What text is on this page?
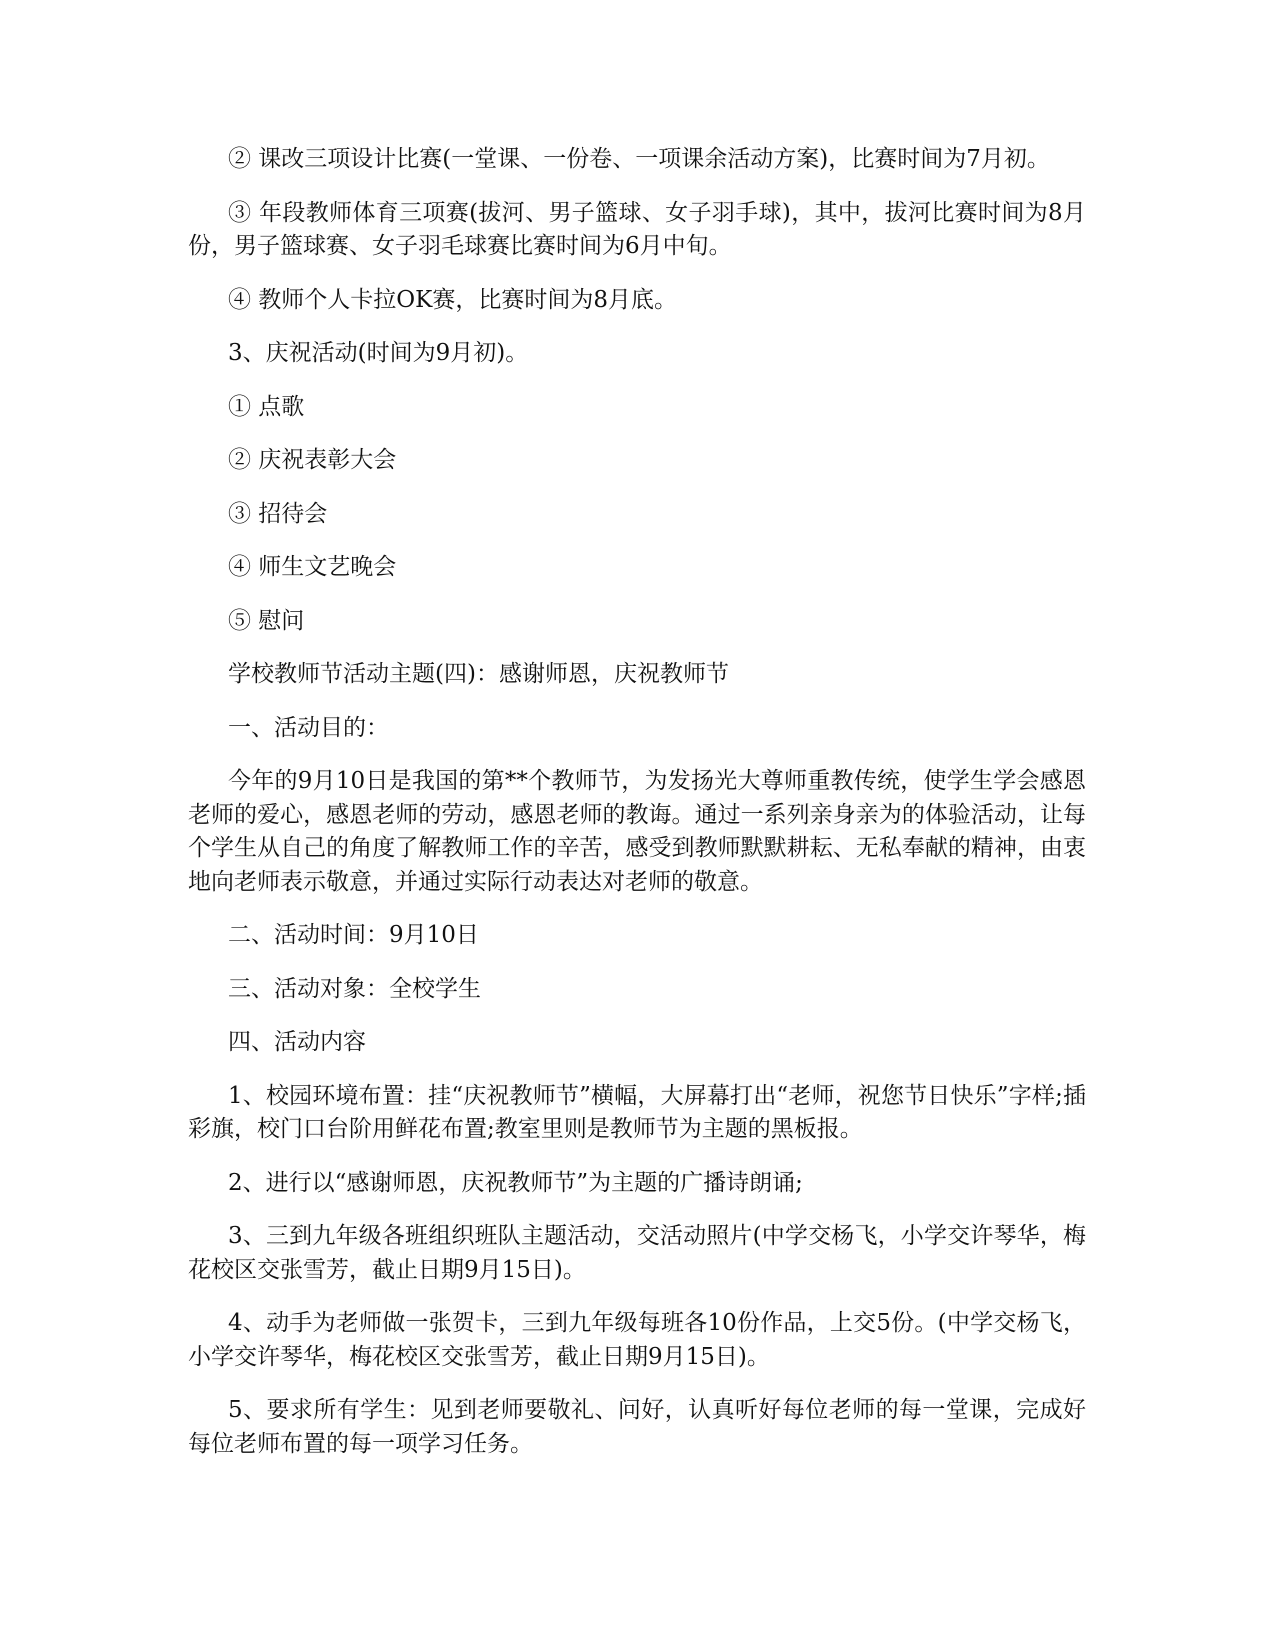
② 课改三项设计比赛(一堂课、一份卷、一项课余活动方案)，比赛时间为7月初。

③ 年段教师体育三项赛(拔河、男子篮球、女子羽手球)，其中，拔河比赛时间为8月份，男子篮球赛、女子羽毛球赛比赛时间为6月中旬。

④ 教师个人卡拉OK赛，比赛时间为8月底。

3、庆祝活动(时间为9月初)。

① 点歌

② 庆祝表彰大会

③ 招待会

④ 师生文艺晚会

⑤ 慰问

学校教师节活动主题(四)：感谢师恩，庆祝教师节

一、活动目的：

今年的9月10日是我国的第**个教师节，为发扬光大尊师重教传统，使学生学会感恩老师的爱心，感恩老师的劳动，感恩老师的教诲。通过一系列亲身亲为的体验活动，让每个学生从自己的角度了解教师工作的辛苦，感受到教师默默耕耘、无私奉献的精神，由衷地向老师表示敬意，并通过实际行动表达对老师的敬意。

二、活动时间：9月10日

三、活动对象：全校学生

四、活动内容

1、校园环境布置：挂“庆祝教师节”横幅，大屏幕打出“老师，祝您节日快乐”字样;插彩旗，校门口台阶用鲜花布置;教室里则是教师节为主题的黑板报。

2、进行以“感谢师恩，庆祝教师节”为主题的广播诗朗诵;

3、三到九年级各班组织班队主题活动，交活动照片(中学交杨飞，小学交许琴华，梅花校区交张雪芳，截止日期9月15日)。

4、动手为老师做一张贺卡，三到九年级每班各10份作品，上交5份。(中学交杨飞，小学交许琴华，梅花校区交张雪芳，截止日期9月15日)。

5、要求所有学生：见到老师要敬礼、问好，认真听好每位老师的每一堂课，完成好每位老师布置的每一项学习任务。
